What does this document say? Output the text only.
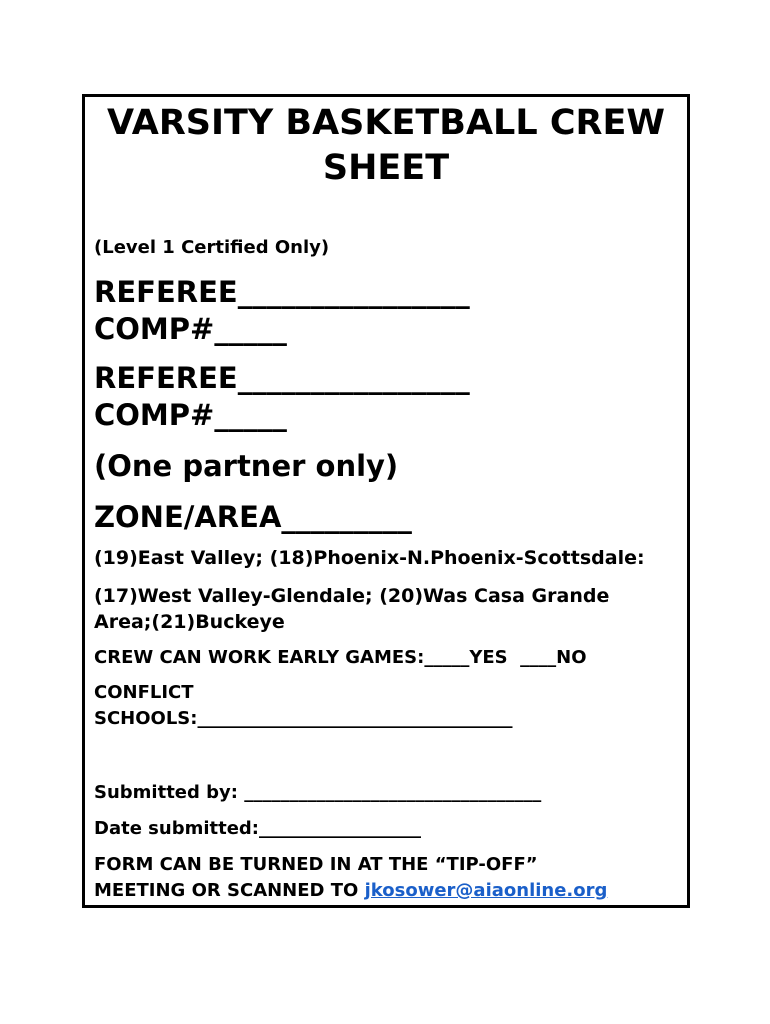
VARSITY BASKETBALL CREW
SHEET
(Level 1 Certified Only)
REFEREE________________
COMP#_____
REFEREE________________
COMP#_____
(One partner only)
ZONE/AREA_________
(19)East Valley; (18)Phoenix-N.Phoenix-Scottsdale:
(17)West Valley-Glendale; (20)Was Casa Grande
Area;(21)Buckeye
CREW CAN WORK EARLY GAMES:_____YES  ____NO
CONFLICT
SCHOOLS:___________________________________
Submitted by: _________________________________
Date submitted:__________________
FORM CAN BE TURNED IN AT THE “TIP-OFF”
MEETING OR SCANNED TO jkosower@aiaonline.org
